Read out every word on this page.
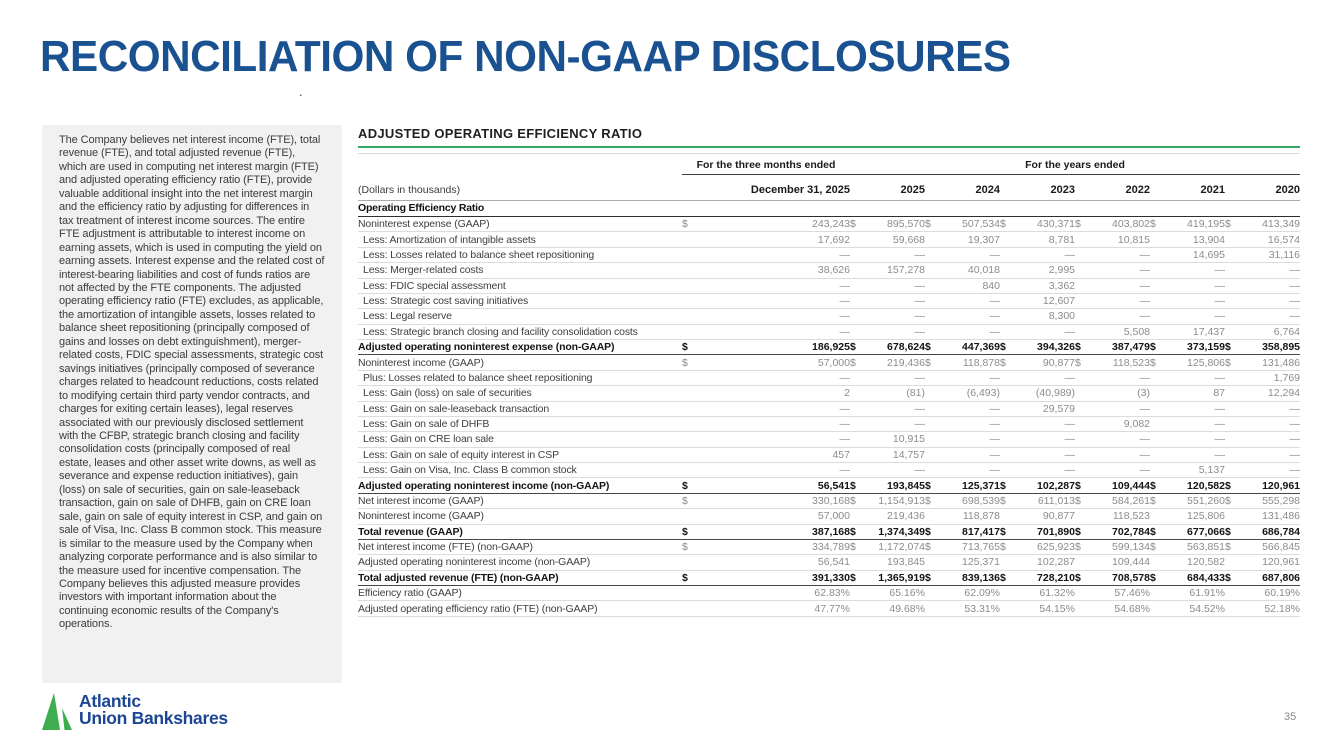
RECONCILIATION OF NON-GAAP DISCLOSURES
.

The Company believes net interest income (FTE), total revenue (FTE), and total adjusted revenue (FTE), which are used in computing net interest margin (FTE) and adjusted operating efficiency ratio (FTE), provide valuable additional insight into the net interest margin and the efficiency ratio by adjusting for differences in tax treatment of interest income sources. The entire FTE adjustment is attributable to interest income on earning assets, which is used in computing the yield on earning assets. Interest expense and the related cost of interest-bearing liabilities and cost of funds ratios are not affected by the FTE components. The adjusted operating efficiency ratio (FTE) excludes, as applicable, the amortization of intangible assets, losses related to balance sheet repositioning (principally composed of gains and losses on debt extinguishment), merger-related costs, FDIC special assessments, strategic cost savings initiatives (principally composed of severance charges related to headcount reductions, costs related to modifying certain third party vendor contracts, and charges for exiting certain leases), legal reserves associated with our previously disclosed settlement with the CFBP, strategic branch closing and facility consolidation costs (principally composed of real estate, leases and other asset write downs, as well as severance and expense reduction initiatives), gain (loss) on sale of securities, gain on sale-leaseback transaction, gain on sale of DHFB, gain on CRE loan sale, gain on sale of equity interest in CSP, and gain on sale of Visa, Inc. Class B common stock. This measure is similar to the measure used by the Company when analyzing corporate performance and is also similar to the measure used for incentive compensation. The Company believes this adjusted measure provides investors with important information about the continuing economic results of the Company's operations.

ADJUSTED OPERATING EFFICIENCY RATIO
	For the three months ended	For the years ended					
(Dollars in thousands)	December 31, 2025	2025	2024	2023	2022	2021	2020
Operating Efficiency Ratio							
Noninterest expense (GAAP)	$ 243,243	$ 895,570	$ 507,534	$ 430,371	$ 403,802	$ 419,195	$ 413,349

Less: Amortization of intangible assets	17,692	59,668	19,307	8,781	10,815	13,904	16,574

Less: Losses related to balance sheet repositioning	—	—	—	—	—	14,695	31,116

Less: Merger-related costs	38,626	157,278	40,018	2,995	—	—	—

Less: FDIC special assessment	—	—	840	3,362	—	—	—

Less: Strategic cost saving initiatives	—	—	—	12,607	—	—	—

Less: Legal reserve	—	—	—	8,300	—	—	—

Less: Strategic branch closing and facility consolidation costs	—	—	—	—	5,508	17,437	6,764

Adjusted operating noninterest expense (non-GAAP)	$ 186,925	$ 678,624	$ 447,369	$ 394,326	$ 387,479	$ 373,159	$ 358,895

Noninterest income (GAAP)	$ 57,000	$ 219,436	$ 118,878	$ 90,877	$ 118,523	$ 125,806	$ 131,486

Plus: Losses related to balance sheet repositioning	—	—	—	—	—	—	1,769

Less: Gain (loss) on sale of securities	2	(81)	(6,493)	(40,989)	(3)	87	12,294

Less: Gain on sale-leaseback transaction	—	—	—	29,579	—	—	—

Less: Gain on sale of DHFB	—	—	—	—	9,082	—	—

Less: Gain on CRE loan sale	—	10,915	—	—	—	—	—

Less: Gain on sale of equity interest in CSP	457	14,757	—	—	—	—	—

Less: Gain on Visa, Inc. Class B common stock	—	—	—	—	—	5,137	—

Adjusted operating noninterest income (non-GAAP)	$ 56,541	$ 193,845	$ 125,371	$ 102,287	$ 109,444	$ 120,582	$ 120,961

Net interest income (GAAP)	$ 330,168	$ 1,154,913	$ 698,539	$ 611,013	$ 584,261	$ 551,260	$ 555,298

Noninterest income (GAAP)	57,000	219,436	118,878	90,877	118,523	125,806	131,486

Total revenue (GAAP)	$ 387,168	$ 1,374,349	$ 817,417	$ 701,890	$ 702,784	$ 677,066	$ 686,784

Net interest income (FTE) (non-GAAP)	$ 334,789	$ 1,172,074	$ 713,765	$ 625,923	$ 599,134	$ 563,851	$ 566,845

Adjusted operating noninterest income (non-GAAP)	56,541	193,845	125,371	102,287	109,444	120,582	120,961

Total adjusted revenue (FTE) (non-GAAP)	$ 391,330	$ 1,365,919	$ 839,136	$ 728,210	$ 708,578	$ 684,433	$ 687,806

Efficiency ratio (GAAP)	62.83%	65.16%	62.09%	61.32%	57.46%	61.91%	60.19%

Adjusted operating efficiency ratio (FTE) (non-GAAP)	47.77%	49.68%	53.31%	54.15%	54.68%	54.52%	52.18%
Atlantic
Union Bankshares	35
